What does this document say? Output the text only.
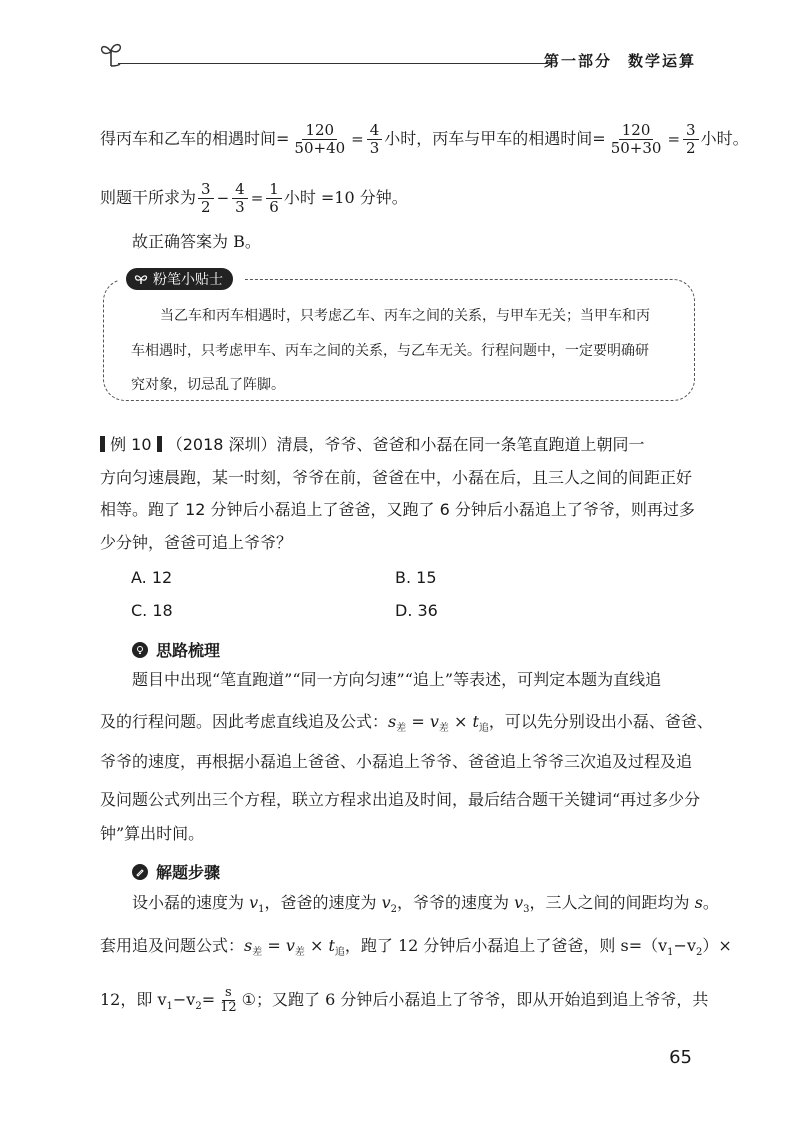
第一部分 数学运算
得丙车和乙车的相遇时间= $\frac{120}{50+40} = \frac{4}{3}$ 小时，丙车与甲车的相遇时间= $\frac{120}{50+30} = \frac{3}{2}$ 小时。
则题干所求为 $\frac{3}{2} - \frac{4}{3} = \frac{1}{6}$ 小时 =10 分钟。
故正确答案为 B。
粉笔小贴士
当乙车和丙车相遇时，只考虑乙车、丙车之间的关系，与甲车无关；当甲车和丙
车相遇时，只考虑甲车、丙车之间的关系，与乙车无关。行程问题中，一定要明确研
究对象，切忌乱了阵脚。
例 10 （2018 深圳）清晨，爷爷、爸爸和小磊在同一条笔直跑道上朝同一
方向匀速晨跑，某一时刻，爷爷在前，爸爸在中，小磊在后，且三人之间的间距正好
相等。跑了 12 分钟后小磊追上了爸爸，又跑了 6 分钟后小磊追上了爷爷，则再过多
少分钟，爸爸可追上爷爷？
A. 12	B. 15
C. 18	D. 36
思路梳理
题目中出现“笔直跑道”“同一方向匀速”“追上”等表述，可判定本题为直线追
及的行程问题。因此考虑直线追及公式：$s_差 = v_差 \times t_追$，可以先分别设出小磊、爸爸、
爷爷的速度，再根据小磊追上爸爸、小磊追上爷爷、爸爸追上爷爷三次追及过程及追
及问题公式列出三个方程，联立方程求出追及时间，最后结合题干关键词“再过多少分
钟”算出时间。
解题步骤
设小磊的速度为 $v_1$，爸爸的速度为 $v_2$，爷爷的速度为 $v_3$，三人之间的间距均为 s。
套用追及问题公式：$s_差 = v_差 \times t_追$，跑了 12 分钟后小磊追上了爸爸，则 $s=(v_1-v_2)\times$
12，即 $v_1-v_2= \frac{s}{12}$ ①；又跑了 6 分钟后小磊追上了爷爷，即从开始追到追上爷爷，共
65
